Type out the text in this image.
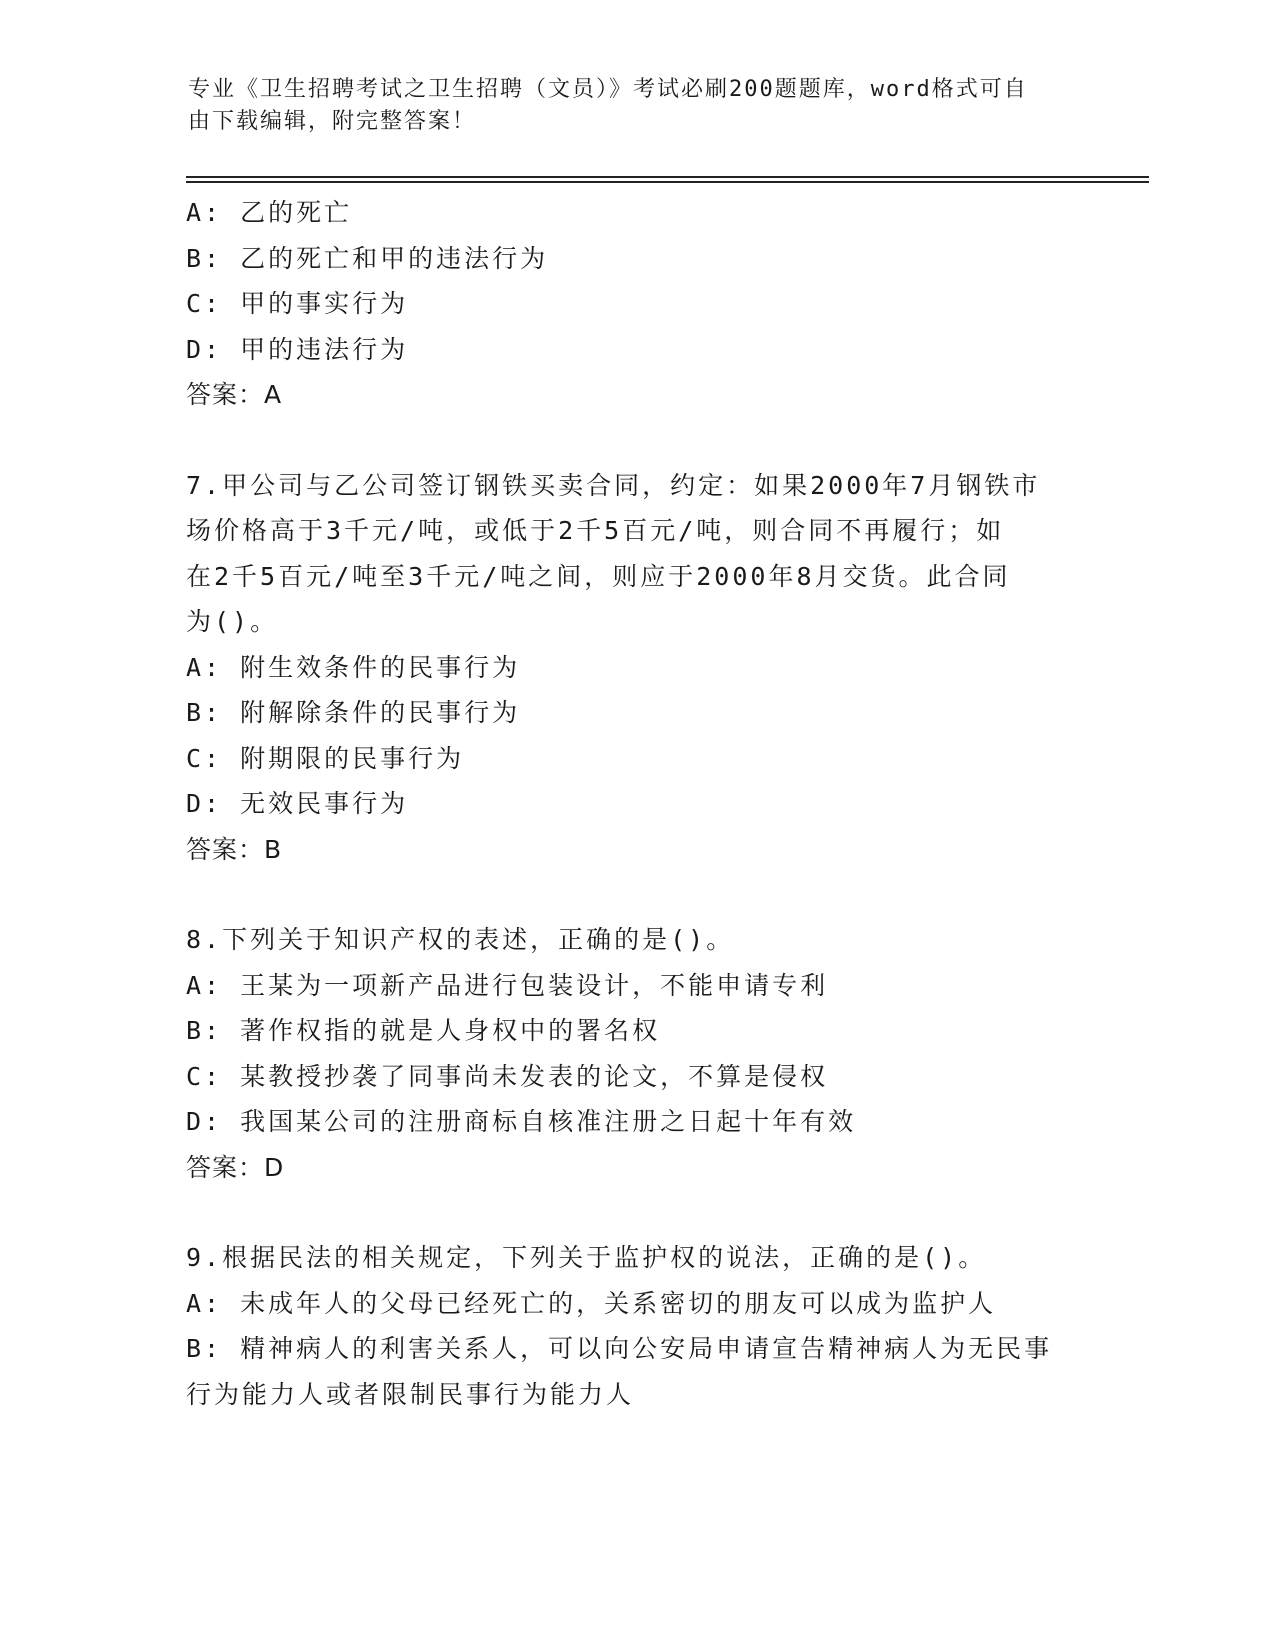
专业《卫生招聘考试之卫生招聘（文员）》考试必刷200题题库，word格式可自
由下载编辑，附完整答案！
A: 乙的死亡
B: 乙的死亡和甲的违法行为
C: 甲的事实行为
D: 甲的违法行为
答案：A
7.甲公司与乙公司签订钢铁买卖合同，约定：如果2000年7月钢铁市
场价格高于3千元/吨，或低于2千5百元/吨，则合同不再履行；如
在2千5百元/吨至3千元/吨之间，则应于2000年8月交货。此合同
为()。
A: 附生效条件的民事行为
B: 附解除条件的民事行为
C: 附期限的民事行为
D: 无效民事行为
答案：B
8.下列关于知识产权的表述，正确的是()。
A: 王某为一项新产品进行包装设计，不能申请专利
B: 著作权指的就是人身权中的署名权
C: 某教授抄袭了同事尚未发表的论文，不算是侵权
D: 我国某公司的注册商标自核准注册之日起十年有效
答案：D
9.根据民法的相关规定，下列关于监护权的说法，正确的是()。
A: 未成年人的父母已经死亡的，关系密切的朋友可以成为监护人
B: 精神病人的利害关系人，可以向公安局申请宣告精神病人为无民事
行为能力人或者限制民事行为能力人
